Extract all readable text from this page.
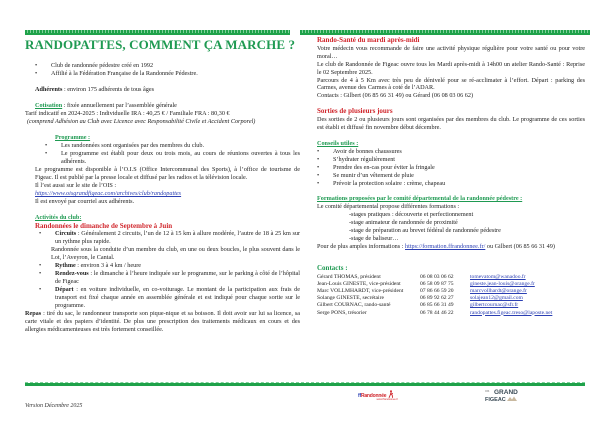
RANDOPATTES, COMMENT ÇA MARCHE ?
• Club de randonnée pédestre créé en 1992
• Affilié à la Fédération Française de la Randonnée Pédestre.

Adhérents : environ 175 adhérents de tous âges

Cotisation : fixée annuellement par l’assemblée générale

Tarif indicatif en 2024-2025 : Individuelle IRA : 40,25 € / Familiale FRA : 80,30 €

(comprend Adhésion au Club avec Licence avec Responsabilité Civile et Accident Corporel)

Programme :

• Les randonnées sont organisées par des membres du club.
• Le programme est établi pour deux ou trois mois, au cours de réunions ouvertes à tous les adhérents.

Le programme est disponible à l’O.I.S (Office Intercommunal des Sports), à l’office de tourisme de Figeac. Il est publié par la presse locale et diffusé par les radios et la télévision locale.

Il l’est aussi sur le site de l’OIS :

https://www.oisgrandfigeac.com/archives/club/randopattes

Il est envoyé par courriel aux adhérents.

Activités du club:

Randonnées le dimanche de Septembre à Juin

• Circuits : Généralement 2 circuits, l’un de 12 à 15 km à allure modérée, l’autre de 18 à 25 km sur un rythme plus rapide.

Randonnée sous la conduite d’un membre du club, en une ou deux boucles, le plus souvent dans le Lot, l’Aveyron, le Cantal.

• Rythme : environ 3 à 4 km / heure
• Rendez-vous : le dimanche à l’heure indiquée sur le programme, sur le parking à côté de l’hôpital de Figeac
• Départ : en voiture individuelle, en co-voiturage. Le montant de la participation aux frais de transport est fixé chaque année en assemblée générale et est indiqué pour chaque sortie sur le programme.

Repas : tiré du sac, le randonneur transporte son pique-nique et sa boisson. Il doit avoir sur lui sa licence, sa carte vitale et des papiers d’identité. De plus une prescription des traitements médicaux en cours et des allergies médicamenteuses est très fortement conseillée.

Rando-Santé du mardi après-midi

Votre médecin vous recommande de faire une activité physique régulière pour votre santé ou pour votre moral…

Le club de Randonnée de Figeac ouvre tous les Mardi après-midi à 14h00 un atelier Rando-Santé : Reprise le 02 Septembre 2025.

Parcours de 4 à 5 Km avec très peu de dénivelé pour se ré-acclimater à l’effort. Départ : parking des Carmes, avenue des Carmes à coté de l’ADAR.

Contacts : Gilbert (06 85 66 31 49) ou Gérard (06 08 03 06 62)

Sorties de plusieurs jours

Des sorties de 2 ou plusieurs jours sont organisées par des membres du club. Le programme de ces sorties est établi et diffusé fin novembre début décembre.

Conseils utiles :

• Avoir de bonnes chaussures
• S’hydrater régulièrement
• Prendre des en-cas pour éviter la fringale
• Se munir d’un vêtement de pluie
• Prévoir la protection solaire : crème, chapeau

Formations proposées par le comité départemental de la randonnée pédestre :

Le comité départemental propose différentes formations :

-stages pratiques : découverte et perfectionnement

-stage animateur de randonnée de proximité

-stage de préparation au brevet fédéral de randonnée pédestre

-stage de baliseur…

Pour de plus amples informations : https://formation.ffrandonnee.fr/ ou Gilbert (06 85 66 31 49)

Contacts :

Gérard THOMAS, président	06 08 03 06 62	tomevatom@wanadoo.fr
Jean-Louis GINESTE, vice-président	06 58 09 87 75	gineste.jean-louis@orange.fr
Marc VOLLMHARDT, vice-président	07 86 66 59 20	marcvollhardt@orange.fr
Solange GINESTE, secrétaire	06 89 92 62 27	solajean12@gmail.com
Gilbert COURNAC, rando-santé	06 85 66 31 49	gilbertcournac@sfr.fr
Serge PONS, trésorier	06 78 44 46 22	randopattes.figeac.treso@laposte.net
Version Décembre 2025
ffRandonnée
www.ffrandonnee.fr
OIS GRAND
FIGEAC
